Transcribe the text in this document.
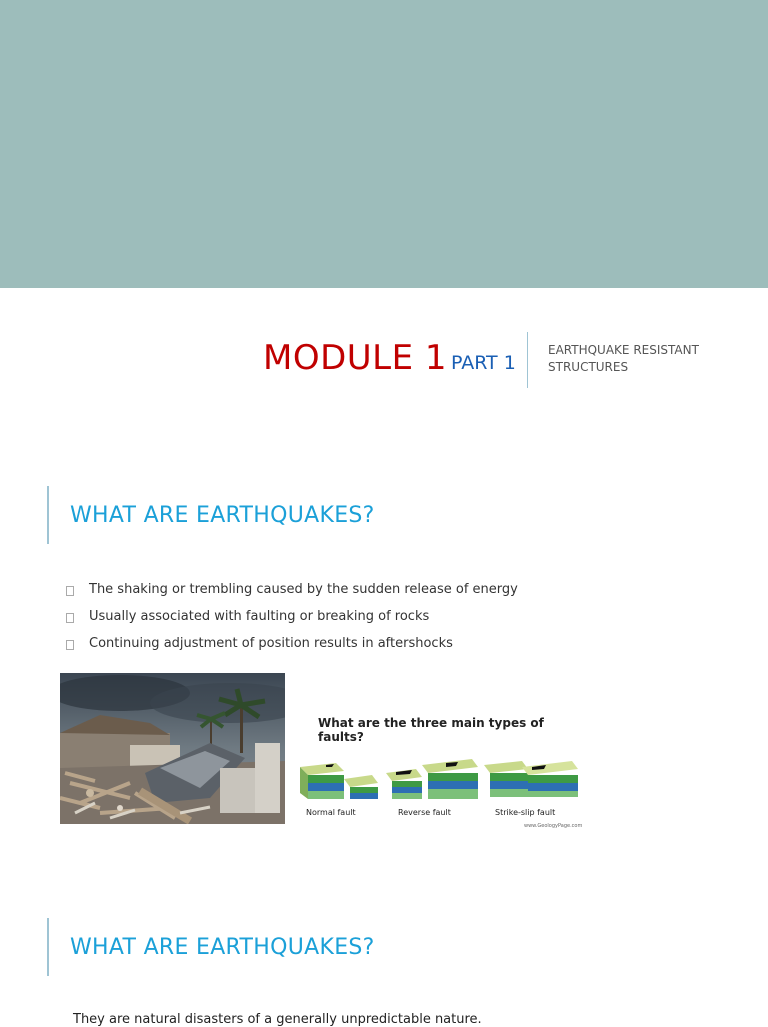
MODULE 1 PART 1
EARTHQUAKE RESISTANT
STRUCTURES
WHAT ARE EARTHQUAKES?
The shaking or trembling caused by the sudden release of energy
Usually associated with faulting or breaking of rocks
Continuing adjustment of position results in aftershocks
What are the three main types of faults?
Normal fault	Reverse fault	Strike-slip fault
www.GeologyPage.com
WHAT ARE EARTHQUAKES?
They are natural disasters of a generally unpredictable nature.
